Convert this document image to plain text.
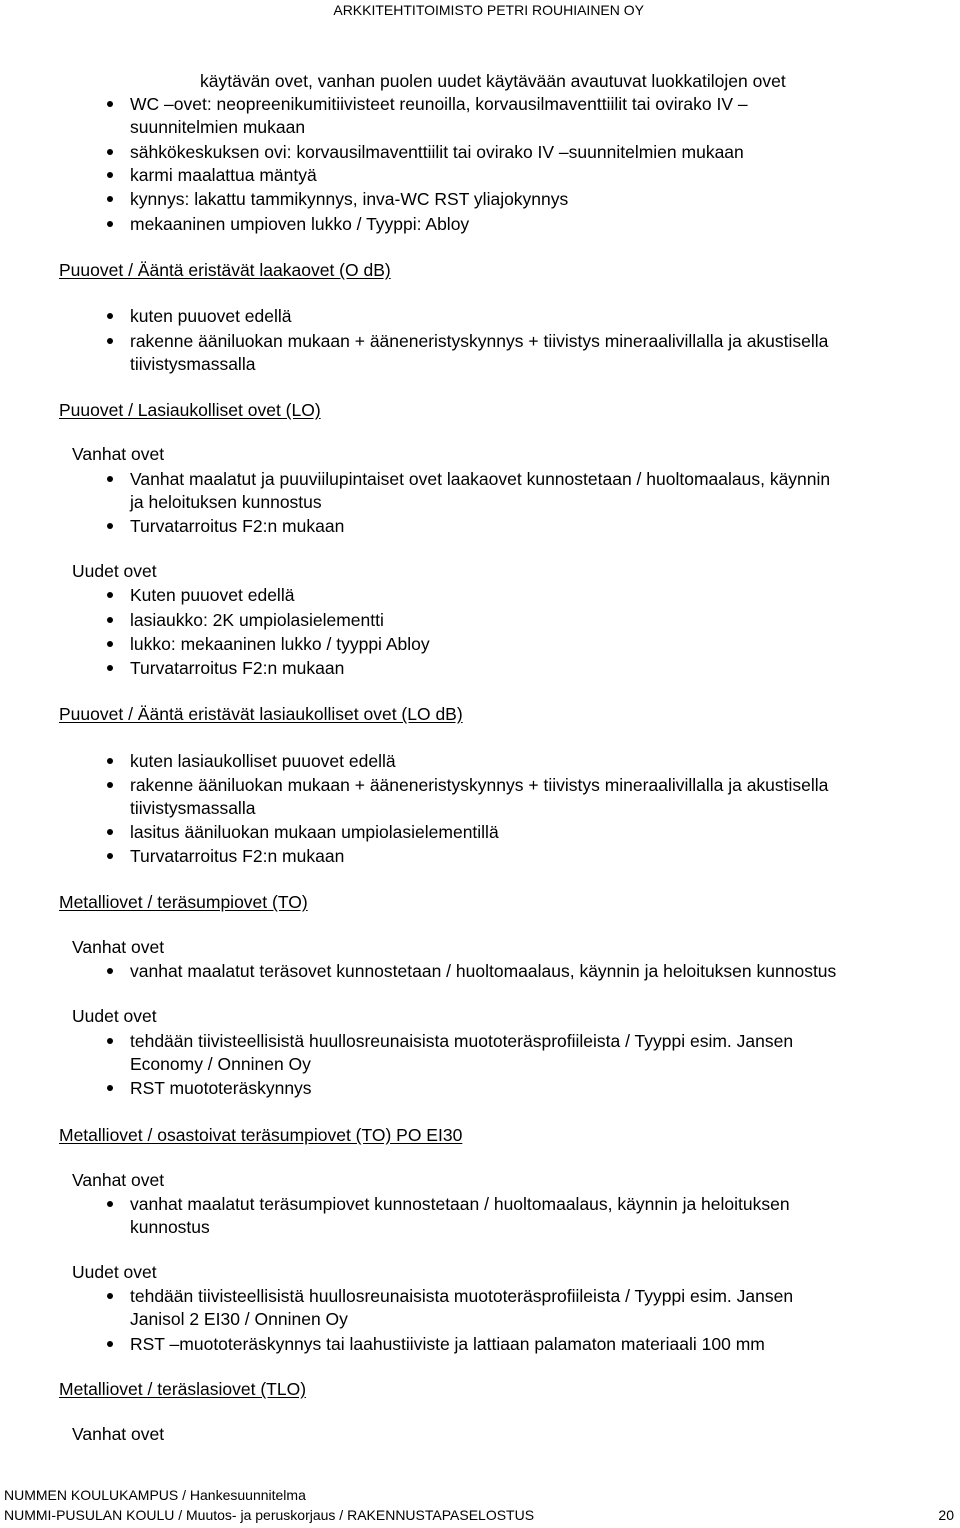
ARKKITEHTITOIMISTO PETRI ROUHIAINEN OY
käytävän ovet, vanhan puolen uudet käytävään avautuvat luokkatilojen ovet
WC –ovet: neopreenikumitiivisteet reunoilla, korvausilmaventtiilit tai ovirako IV –
suunnitelmien mukaan
sähkökeskuksen ovi: korvausilmaventtiilit tai ovirako IV –suunnitelmien mukaan
karmi maalattua mäntyä
kynnys: lakattu tammikynnys, inva-WC RST yliajokynnys
mekaaninen umpioven lukko / Tyyppi: Abloy
Puuovet / Ääntä eristävät laakaovet (O dB)
kuten puuovet edellä
rakenne ääniluokan mukaan + ääneneristyskynnys + tiivistys mineraalivillalla ja akustisella
tiivistysmassalla
Puuovet / Lasiaukolliset ovet (LO)
Vanhat ovet
Vanhat maalatut ja puuviilupintaiset ovet laakaovet kunnostetaan / huoltomaalaus, käynnin
ja heloituksen kunnostus
Turvatarroitus F2:n mukaan
Uudet ovet
Kuten puuovet edellä
lasiaukko: 2K umpiolasielementti
lukko: mekaaninen lukko / tyyppi Abloy
Turvatarroitus F2:n mukaan
Puuovet / Ääntä eristävät lasiaukolliset ovet (LO dB)
kuten lasiaukolliset puuovet edellä
rakenne ääniluokan mukaan + ääneneristyskynnys + tiivistys mineraalivillalla ja akustisella
tiivistysmassalla
lasitus ääniluokan mukaan umpiolasielementillä
Turvatarroitus F2:n mukaan
Metalliovet / teräsumpiovet (TO)
Vanhat ovet
vanhat maalatut teräsovet kunnostetaan / huoltomaalaus, käynnin ja heloituksen kunnostus
Uudet ovet
tehdään tiivisteellisistä huullosreunaisista muototeräsprofiileista / Tyyppi esim. Jansen
Economy / Onninen Oy
RST muototeräskynnys
Metalliovet / osastoivat teräsumpiovet (TO) PO EI30
Vanhat ovet
vanhat maalatut teräsumpiovet kunnostetaan / huoltomaalaus, käynnin ja heloituksen
kunnostus
Uudet ovet
tehdään tiivisteellisistä huullosreunaisista muototeräsprofiileista / Tyyppi esim. Jansen
Janisol 2 EI30 / Onninen Oy
RST –muototeräskynnys tai laahustiiviste ja lattiaan palamaton materiaali 100 mm
Metalliovet / teräslasiovet (TLO)
Vanhat ovet
NUMMEN KOULUKAMPUS / Hankesuunnitelma
NUMMI-PUSULAN KOULU / Muutos- ja peruskorjaus / RAKENNUSTAPASELOSTUS	20
